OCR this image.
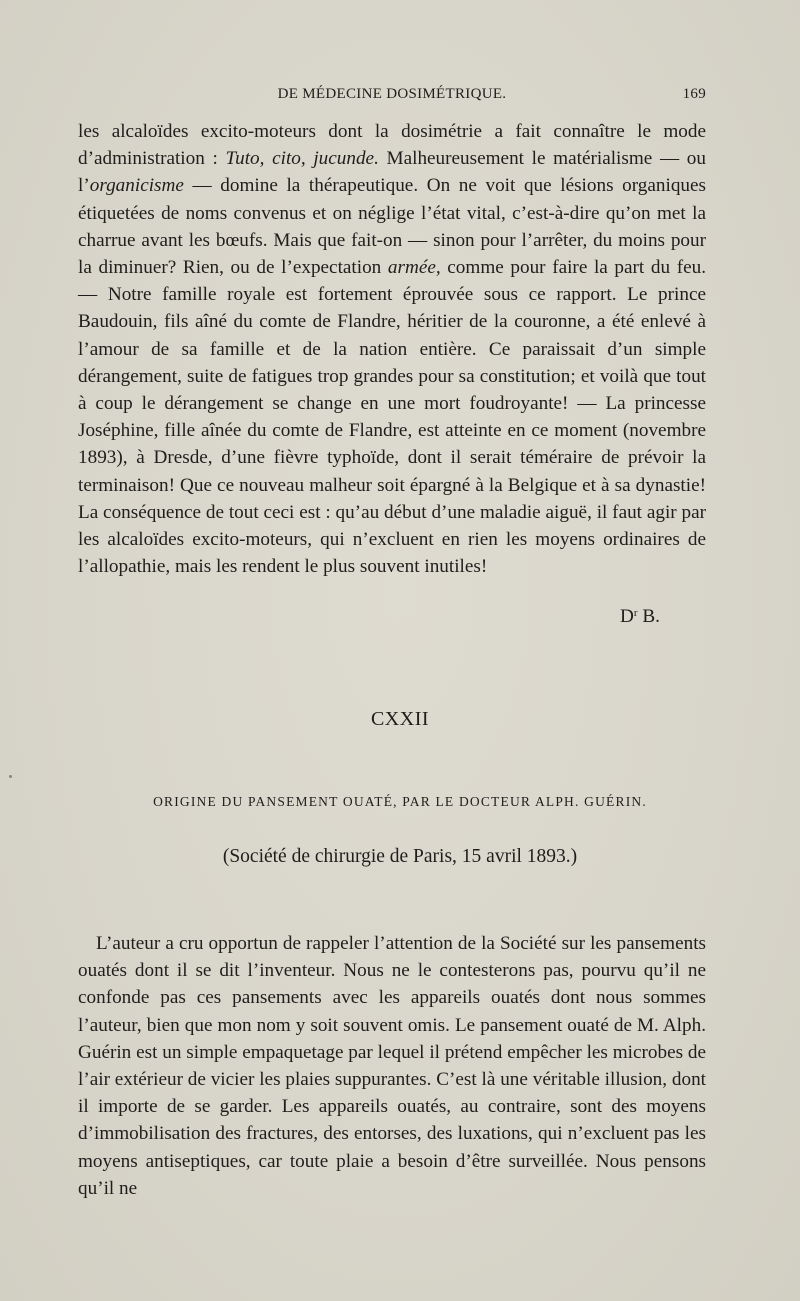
DE MÉDECINE DOSIMÉTRIQUE.	169

les alcaloïdes excito-moteurs dont la dosimétrie a fait connaître le mode d’administration : Tuto, cito, jucunde. Malheureusement le matérialisme — ou l’organicisme — domine la thérapeutique. On ne voit que lésions organiques étiquetées de noms convenus et on néglige l’état vital, c’est-à-dire qu’on met la charrue avant les bœufs. Mais que fait-on — sinon pour l’arrêter, du moins pour la diminuer? Rien, ou de l’expectation armée, comme pour faire la part du feu. — Notre famille royale est fortement éprouvée sous ce rapport. Le prince Baudouin, fils aîné du comte de Flandre, héritier de la couronne, a été enlevé à l’amour de sa famille et de la nation entière. Ce paraissait d’un simple dérangement, suite de fatigues trop grandes pour sa constitution; et voilà que tout à coup le dérangement se change en une mort foudroyante! — La princesse Joséphine, fille aînée du comte de Flandre, est atteinte en ce moment (novembre 1893), à Dresde, d’une fièvre typhoïde, dont il serait téméraire de prévoir la terminaison! Que ce nouveau malheur soit épargné à la Belgique et à sa dynastie! La conséquence de tout ceci est : qu’au début d’une maladie aiguë, il faut agir par les alcaloïdes excito-moteurs, qui n’excluent en rien les moyens ordinaires de l’allopathie, mais les rendent le plus souvent inutiles!

$D^r$ B.
CXXII
ORIGINE DU PANSEMENT OUATÉ, PAR LE DOCTEUR ALPH. GUÉRIN.
(Société de chirurgie de Paris, 15 avril 1893.)

L’auteur a cru opportun de rappeler l’attention de la Société sur les pansements ouatés dont il se dit l’inventeur. Nous ne le contesterons pas, pourvu qu’il ne confonde pas ces pansements avec les appareils ouatés dont nous sommes l’auteur, bien que mon nom y soit souvent omis. Le pansement ouaté de M. Alph. Guérin est un simple empaquetage par lequel il prétend empêcher les microbes de l’air extérieur de vicier les plaies suppurantes. C’est là une véritable illusion, dont il importe de se garder. Les appareils ouatés, au contraire, sont des moyens d’immobilisation des fractures, des entorses, des luxations, qui n’excluent pas les moyens antiseptiques, car toute plaie a besoin d’être surveillée. Nous pensons qu’il ne
